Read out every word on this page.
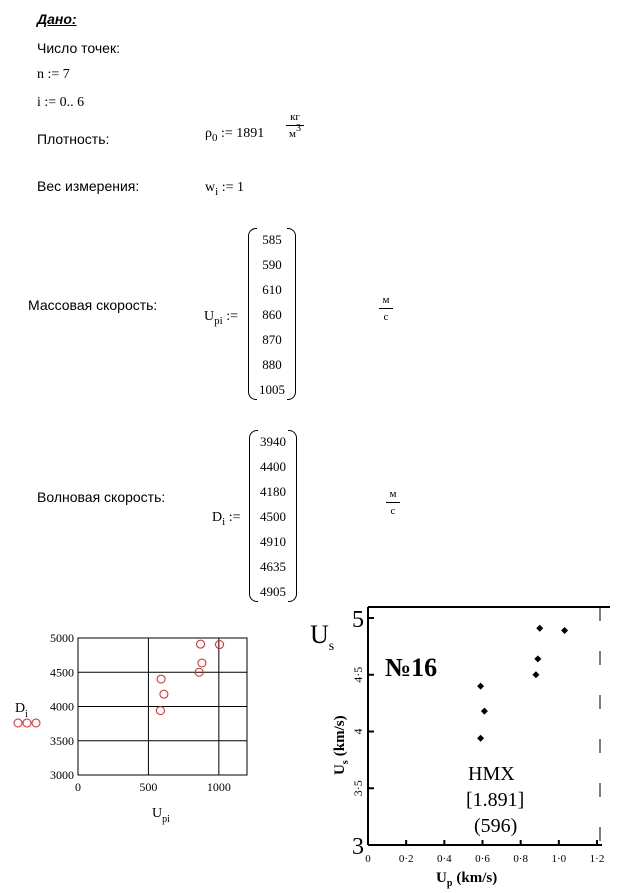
Дано:
Число точек:
n := 7
i := 0.. 6
Плотность:	$\rho_0$ := $1891 \frac{кг}{м3}$
Вес измерения:	$w_i$ := 1
Массовая скорость:
$U_{pi}$ :=
585
590
610
860
870
880
1005
$\frac{м}{с}$
Волновая скорость:
$D_i$ :=
3940
4400
4180
4500
4910
4635
4905
$\frac{м}{с}$
3000
3500
4000
4500
5000
0	500	1000
$D_i$
$U_{pi}$
3
3·5
4
4·5
5
0	0·2 0·4 0·6 0·8 1·0 1·2
$U_s$
№16
HMX
[1.891]
(596)
$U_s(km/s)$
$U_p$ (km/s)
